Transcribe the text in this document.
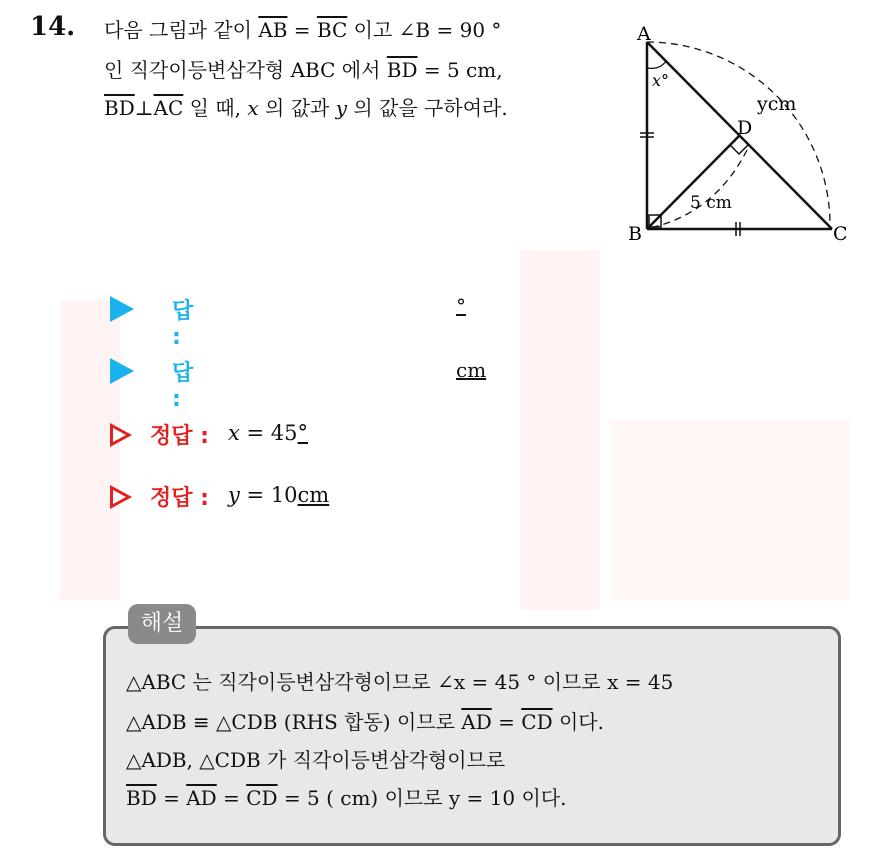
14. 다음 그림과 같이 $\overline{AB} = \overline{BC}$ 이고 ∠B = 90 °
인 직각이등변삼각형 ABC 에서 $\overline{BD} = 5$ cm,
$\overline{BD}\perp\overline{AC}$ 일 때, x 의 값과 y 의 값을 구하여라.
A
B	C
D
x°
ycm
5 cm
답 :
°
답 :
cm
정답 : x = 45°
정답 : y = 10cm
해설
△ABC 는 직각이등변삼각형이므로 ∠x = 45 ° 이므로 x = 45
△ADB ≡ △CDB (RHS 합동) 이므로 $\overline{AD} = \overline{CD}$ 이다.
△ADB, △CDB 가 직각이등변삼각형이므로
$\overline{BD} = \overline{AD} = \overline{CD} = 5$ ( cm) 이므로 y = 10 이다.
